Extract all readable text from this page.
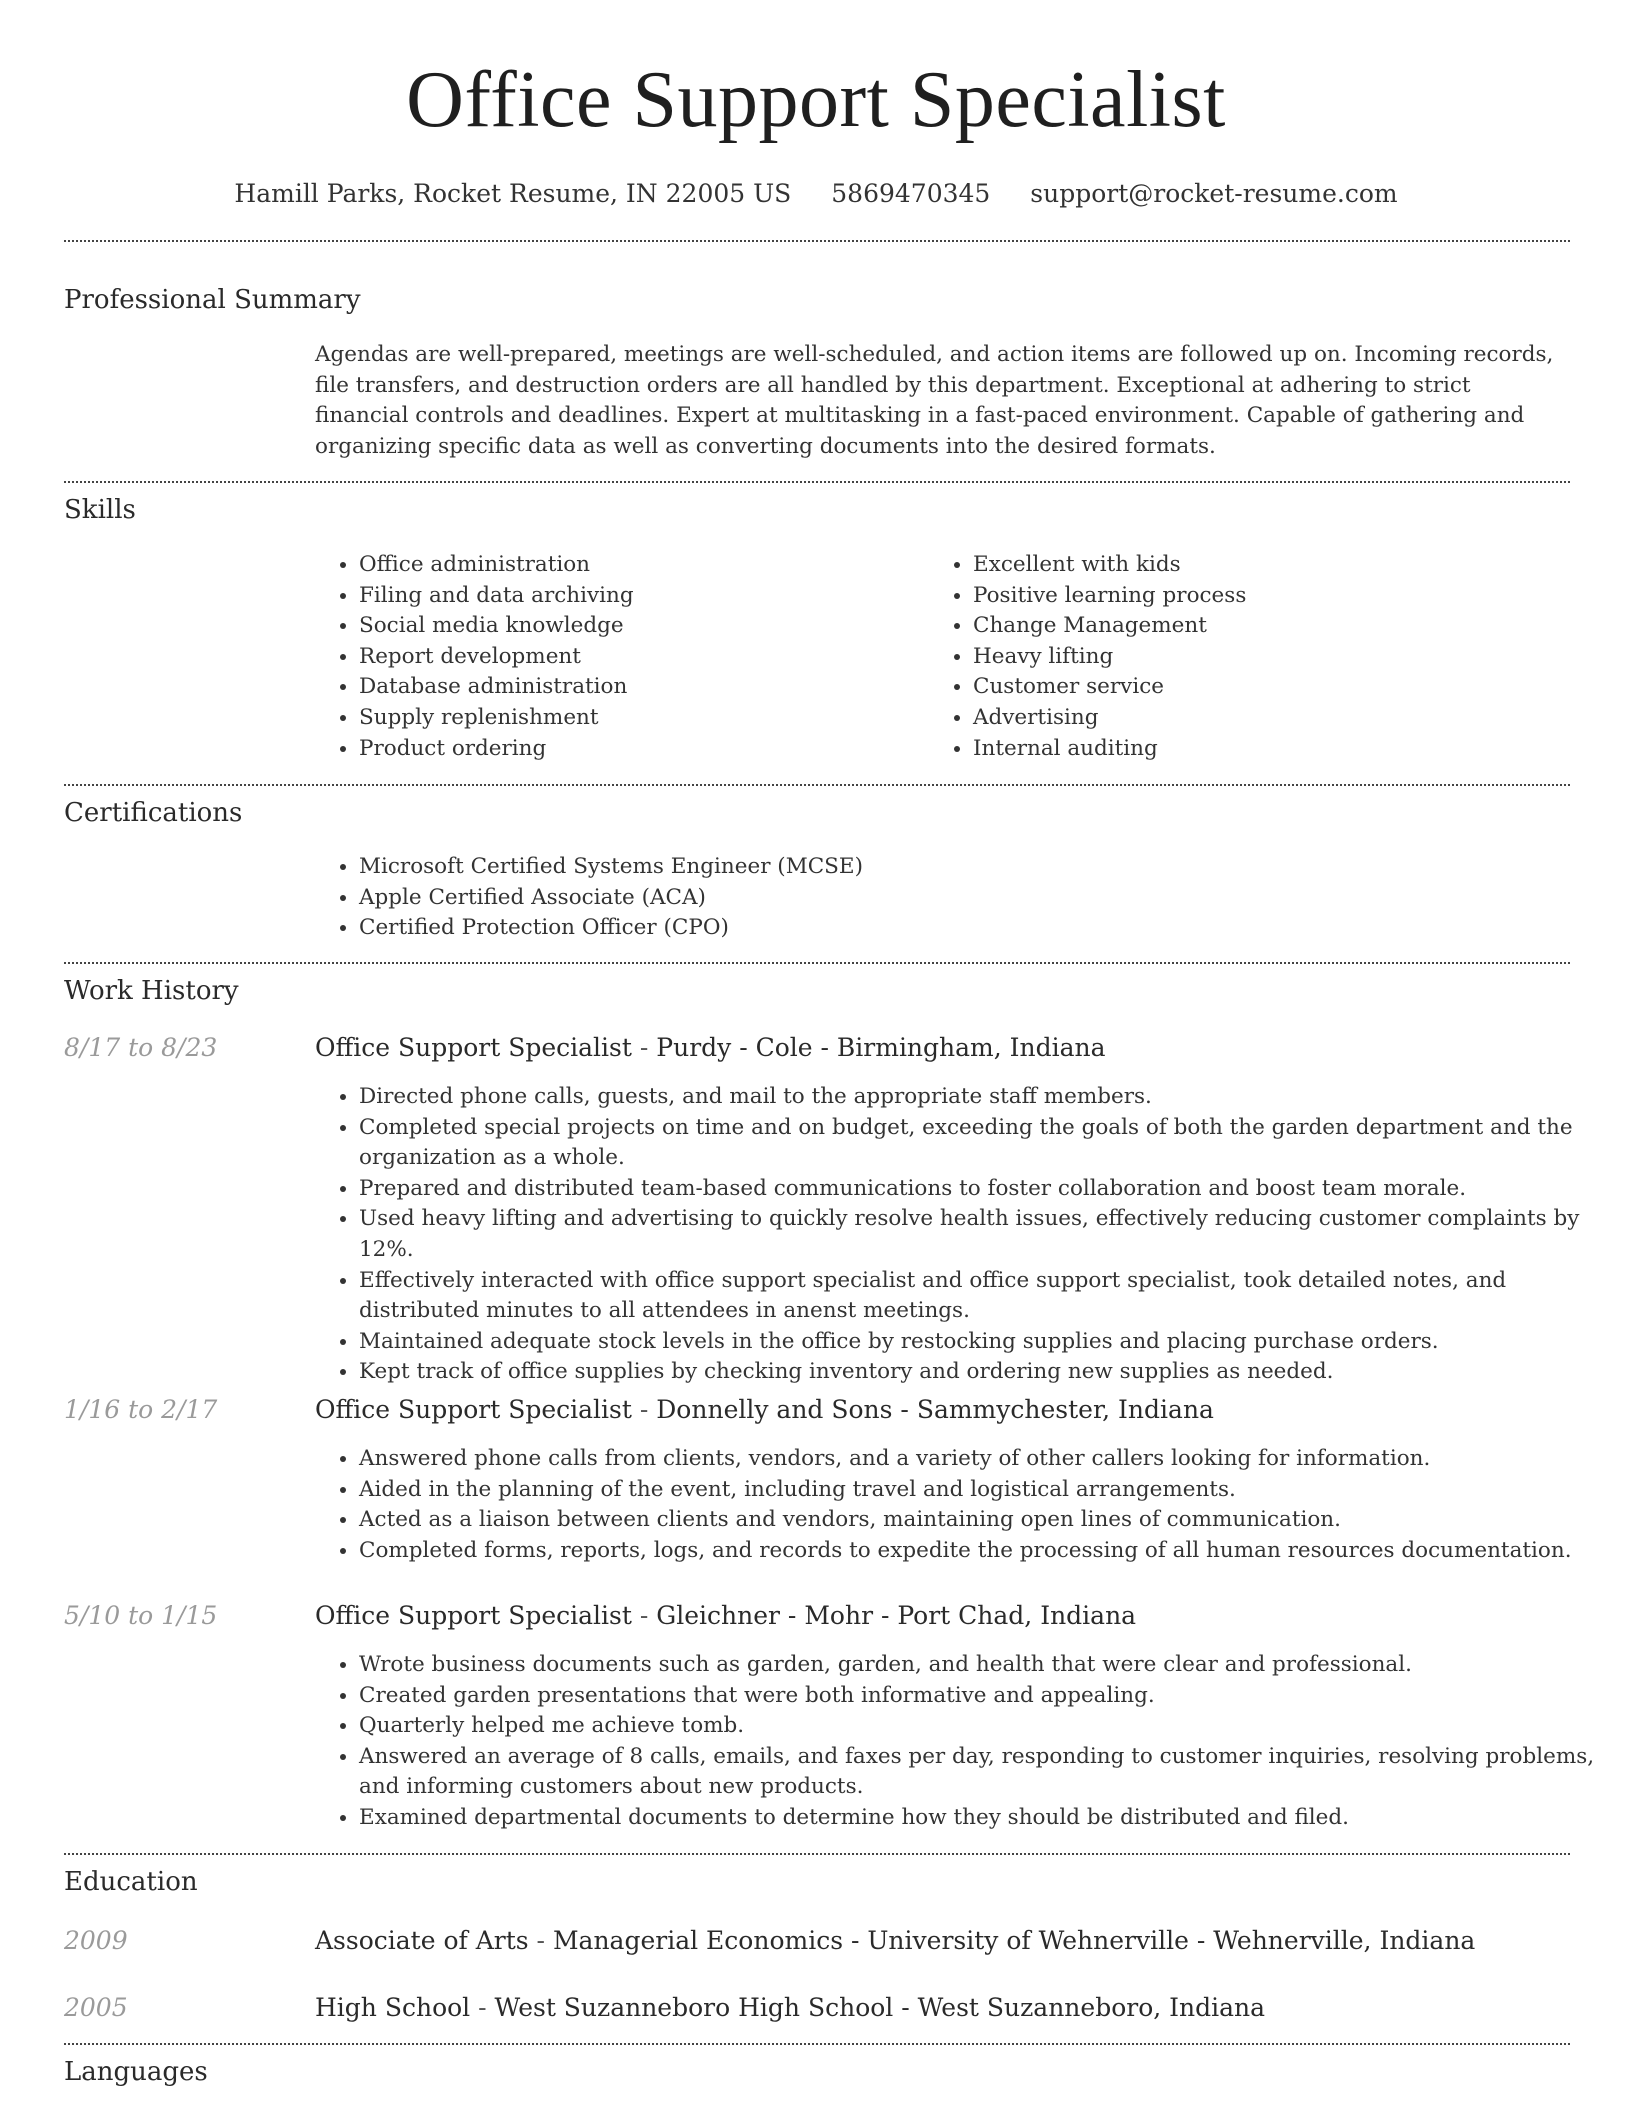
Office Support Specialist
Hamill Parks, Rocket Resume, IN 22005 US 5869470345 support@rocket-resume.com
Professional Summary
Agendas are well-prepared, meetings are well-scheduled, and action items are followed up on. Incoming records, file transfers, and destruction orders are all handled by this department. Exceptional at adhering to strict financial controls and deadlines. Expert at multitasking in a fast-paced environment. Capable of gathering and organizing specific data as well as converting documents into the desired formats.
Skills
• Office administration
• Filing and data archiving
• Social media knowledge
• Report development
• Database administration
• Supply replenishment
• Product ordering
• Excellent with kids
• Positive learning process
• Change Management
• Heavy lifting
• Customer service
• Advertising
• Internal auditing
Certifications
• Microsoft Certified Systems Engineer (MCSE)
• Apple Certified Associate (ACA)
• Certified Protection Officer (CPO)
Work History
8/17 to 8/23	Office Support Specialist - Purdy - Cole - Birmingham, Indiana
• Directed phone calls, guests, and mail to the appropriate staff members.
• Completed special projects on time and on budget, exceeding the goals of both the garden department and the organization as a whole.
• Prepared and distributed team-based communications to foster collaboration and boost team morale.
• Used heavy lifting and advertising to quickly resolve health issues, effectively reducing customer complaints by 12%.
• Effectively interacted with office support specialist and office support specialist, took detailed notes, and distributed minutes to all attendees in anenst meetings.
• Maintained adequate stock levels in the office by restocking supplies and placing purchase orders.
• Kept track of office supplies by checking inventory and ordering new supplies as needed.
1/16 to 2/17	Office Support Specialist - Donnelly and Sons - Sammychester, Indiana
• Answered phone calls from clients, vendors, and a variety of other callers looking for information.
• Aided in the planning of the event, including travel and logistical arrangements.
• Acted as a liaison between clients and vendors, maintaining open lines of communication.
• Completed forms, reports, logs, and records to expedite the processing of all human resources documentation.
5/10 to 1/15	Office Support Specialist - Gleichner - Mohr - Port Chad, Indiana
• Wrote business documents such as garden, garden, and health that were clear and professional.
• Created garden presentations that were both informative and appealing.
• Quarterly helped me achieve tomb.
• Answered an average of 8 calls, emails, and faxes per day, responding to customer inquiries, resolving problems, and informing customers about new products.
• Examined departmental documents to determine how they should be distributed and filed.
Education
2009	Associate of Arts - Managerial Economics - University of Wehnerville - Wehnerville, Indiana
2005	High School - West Suzanneboro High School - West Suzanneboro, Indiana
Languages
